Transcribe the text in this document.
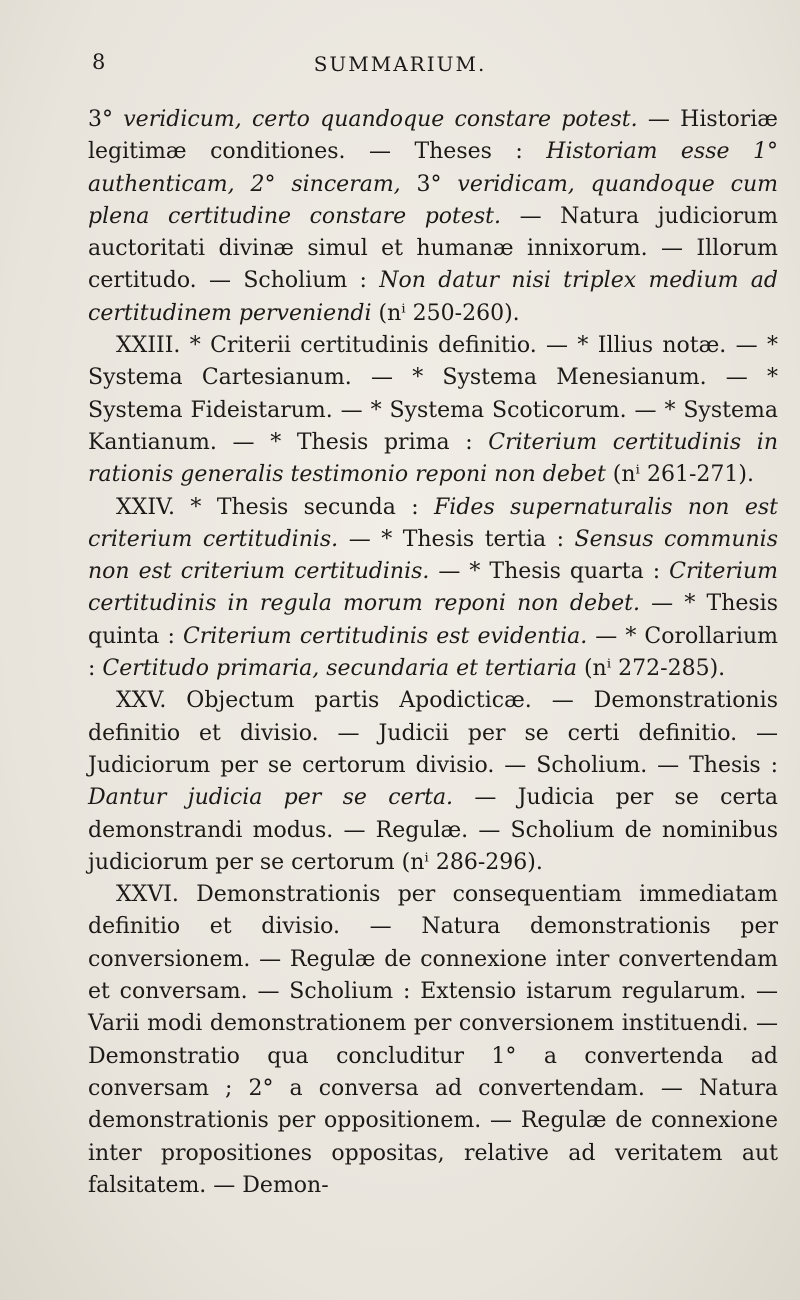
8	SUMMARIUM.

3° veridicum, certo quandoque constare potest. — Historiæ legitimæ conditiones. — Theses : Historiam esse 1° authenticam, 2° sinceram, 3° veridicam, quandoque cum plena certitudine constare potest. — Natura judiciorum auctoritati divinæ simul et humanæ innixorum. — Illorum certitudo. — Scholium : Non datur nisi triplex medium ad certitudinem perveniendi (nⁱ 250-260).

XXIII. * Criterii certitudinis definitio. — * Illius notæ. — * Systema Cartesianum. — * Systema Menesianum. — * Systema Fideistarum. — * Systema Scoticorum. — * Systema Kantianum. — * Thesis prima : Criterium certitudinis in rationis generalis testimonio reponi non debet (nⁱ 261-271).

XXIV. * Thesis secunda : Fides supernaturalis non est criterium certitudinis. — * Thesis tertia : Sensus communis non est criterium certitudinis. — * Thesis quarta : Criterium certitudinis in regula morum reponi non debet. — * Thesis quinta : Criterium certitudinis est evidentia. — * Corollarium : Certitudo primaria, secundaria et tertiaria (nⁱ 272-285).

XXV. Objectum partis Apodicticæ. — Demonstrationis definitio et divisio. — Judicii per se certi definitio. — Judiciorum per se certorum divisio. — Scholium. — Thesis : Dantur judicia per se certa. — Judicia per se certa demonstrandi modus. — Regulæ. — Scholium de nominibus judiciorum per se certorum (nⁱ 286-296).

XXVI. Demonstrationis per consequentiam immediatam definitio et divisio. — Natura demonstrationis per conversionem. — Regulæ de connexione inter convertendam et conversam. — Scholium : Extensio istarum regularum. — Varii modi demonstrationem per conversionem instituendi. — Demonstratio qua concluditur 1° a convertenda ad conversam ; 2° a conversa ad convertendam. — Natura demonstrationis per oppositionem. — Regulæ de connexione inter propositiones oppositas, relative ad veritatem aut falsitatem. — Demon-
